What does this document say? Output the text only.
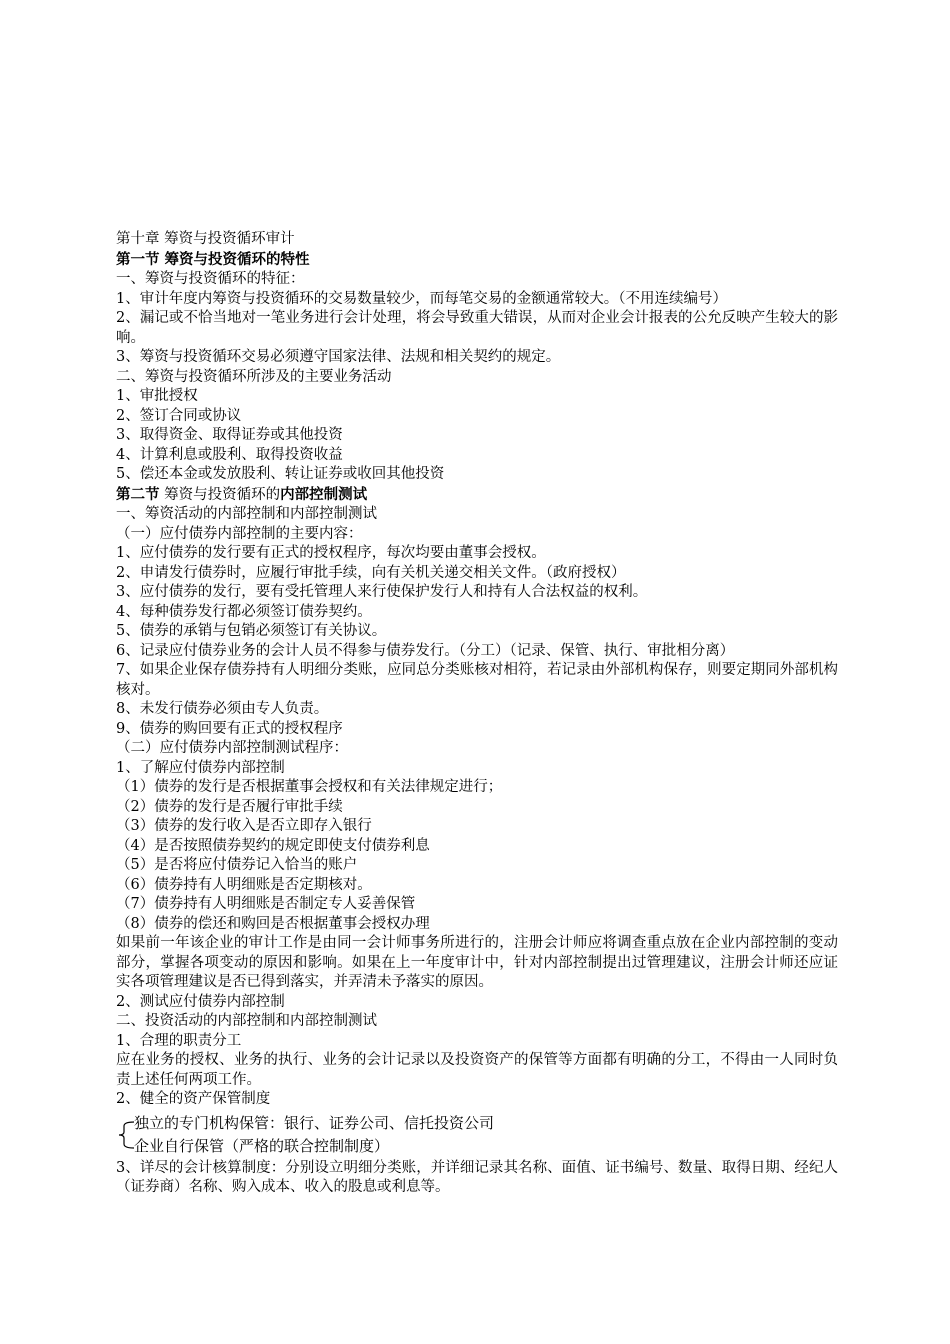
第十章 筹资与投资循环审计
第一节 筹资与投资循环的特性
一、筹资与投资循环的特征：
1、审计年度内筹资与投资循环的交易数量较少，而每笔交易的金额通常较大。（不用连续编号）
2、漏记或不恰当地对一笔业务进行会计处理，将会导致重大错误，从而对企业会计报表的公允反映产生较大的影响。
3、筹资与投资循环交易必须遵守国家法律、法规和相关契约的规定。
二、筹资与投资循环所涉及的主要业务活动
1、审批授权
2、签订合同或协议
3、取得资金、取得证券或其他投资
4、计算利息或股利、取得投资收益
5、偿还本金或发放股利、转让证券或收回其他投资
第二节 筹资与投资循环的内部控制测试
一、筹资活动的内部控制和内部控制测试
（一）应付债券内部控制的主要内容：
1、应付债券的发行要有正式的授权程序，每次均要由董事会授权。
2、申请发行债券时，应履行审批手续，向有关机关递交相关文件。（政府授权）
3、应付债券的发行，要有受托管理人来行使保护发行人和持有人合法权益的权利。
4、每种债券发行都必须签订债券契约。
5、债券的承销与包销必须签订有关协议。
6、记录应付债券业务的会计人员不得参与债券发行。（分工）（记录、保管、执行、审批相分离）
7、如果企业保存债券持有人明细分类账，应同总分类账核对相符，若记录由外部机构保存，则要定期同外部机构核对。
8、未发行债券必须由专人负责。
9、债券的购回要有正式的授权程序
（二）应付债券内部控制测试程序：
1、了解应付债券内部控制
（1）债券的发行是否根据董事会授权和有关法律规定进行；
（2）债券的发行是否履行审批手续
（3）债券的发行收入是否立即存入银行
（4）是否按照债券契约的规定即使支付债券利息
（5）是否将应付债券记入恰当的账户
（6）债券持有人明细账是否定期核对。
（7）债券持有人明细账是否制定专人妥善保管
（8）债券的偿还和购回是否根据董事会授权办理
如果前一年该企业的审计工作是由同一会计师事务所进行的，注册会计师应将调查重点放在企业内部控制的变动部分，掌握各项变动的原因和影响。如果在上一年度审计中，针对内部控制提出过管理建议，注册会计师还应证实各项管理建议是否已得到落实，并弄清未予落实的原因。
2、测试应付债券内部控制
二、投资活动的内部控制和内部控制测试
1、合理的职责分工
应在业务的授权、业务的执行、业务的会计记录以及投资资产的保管等方面都有明确的分工，不得由一人同时负责上述任何两项工作。
2、健全的资产保管制度
独立的专门机构保管：银行、证券公司、信托投资公司
企业自行保管（严格的联合控制制度）
3、详尽的会计核算制度：分别设立明细分类账，并详细记录其名称、面值、证书编号、数量、取得日期、经纪人（证券商）名称、购入成本、收入的股息或利息等。
